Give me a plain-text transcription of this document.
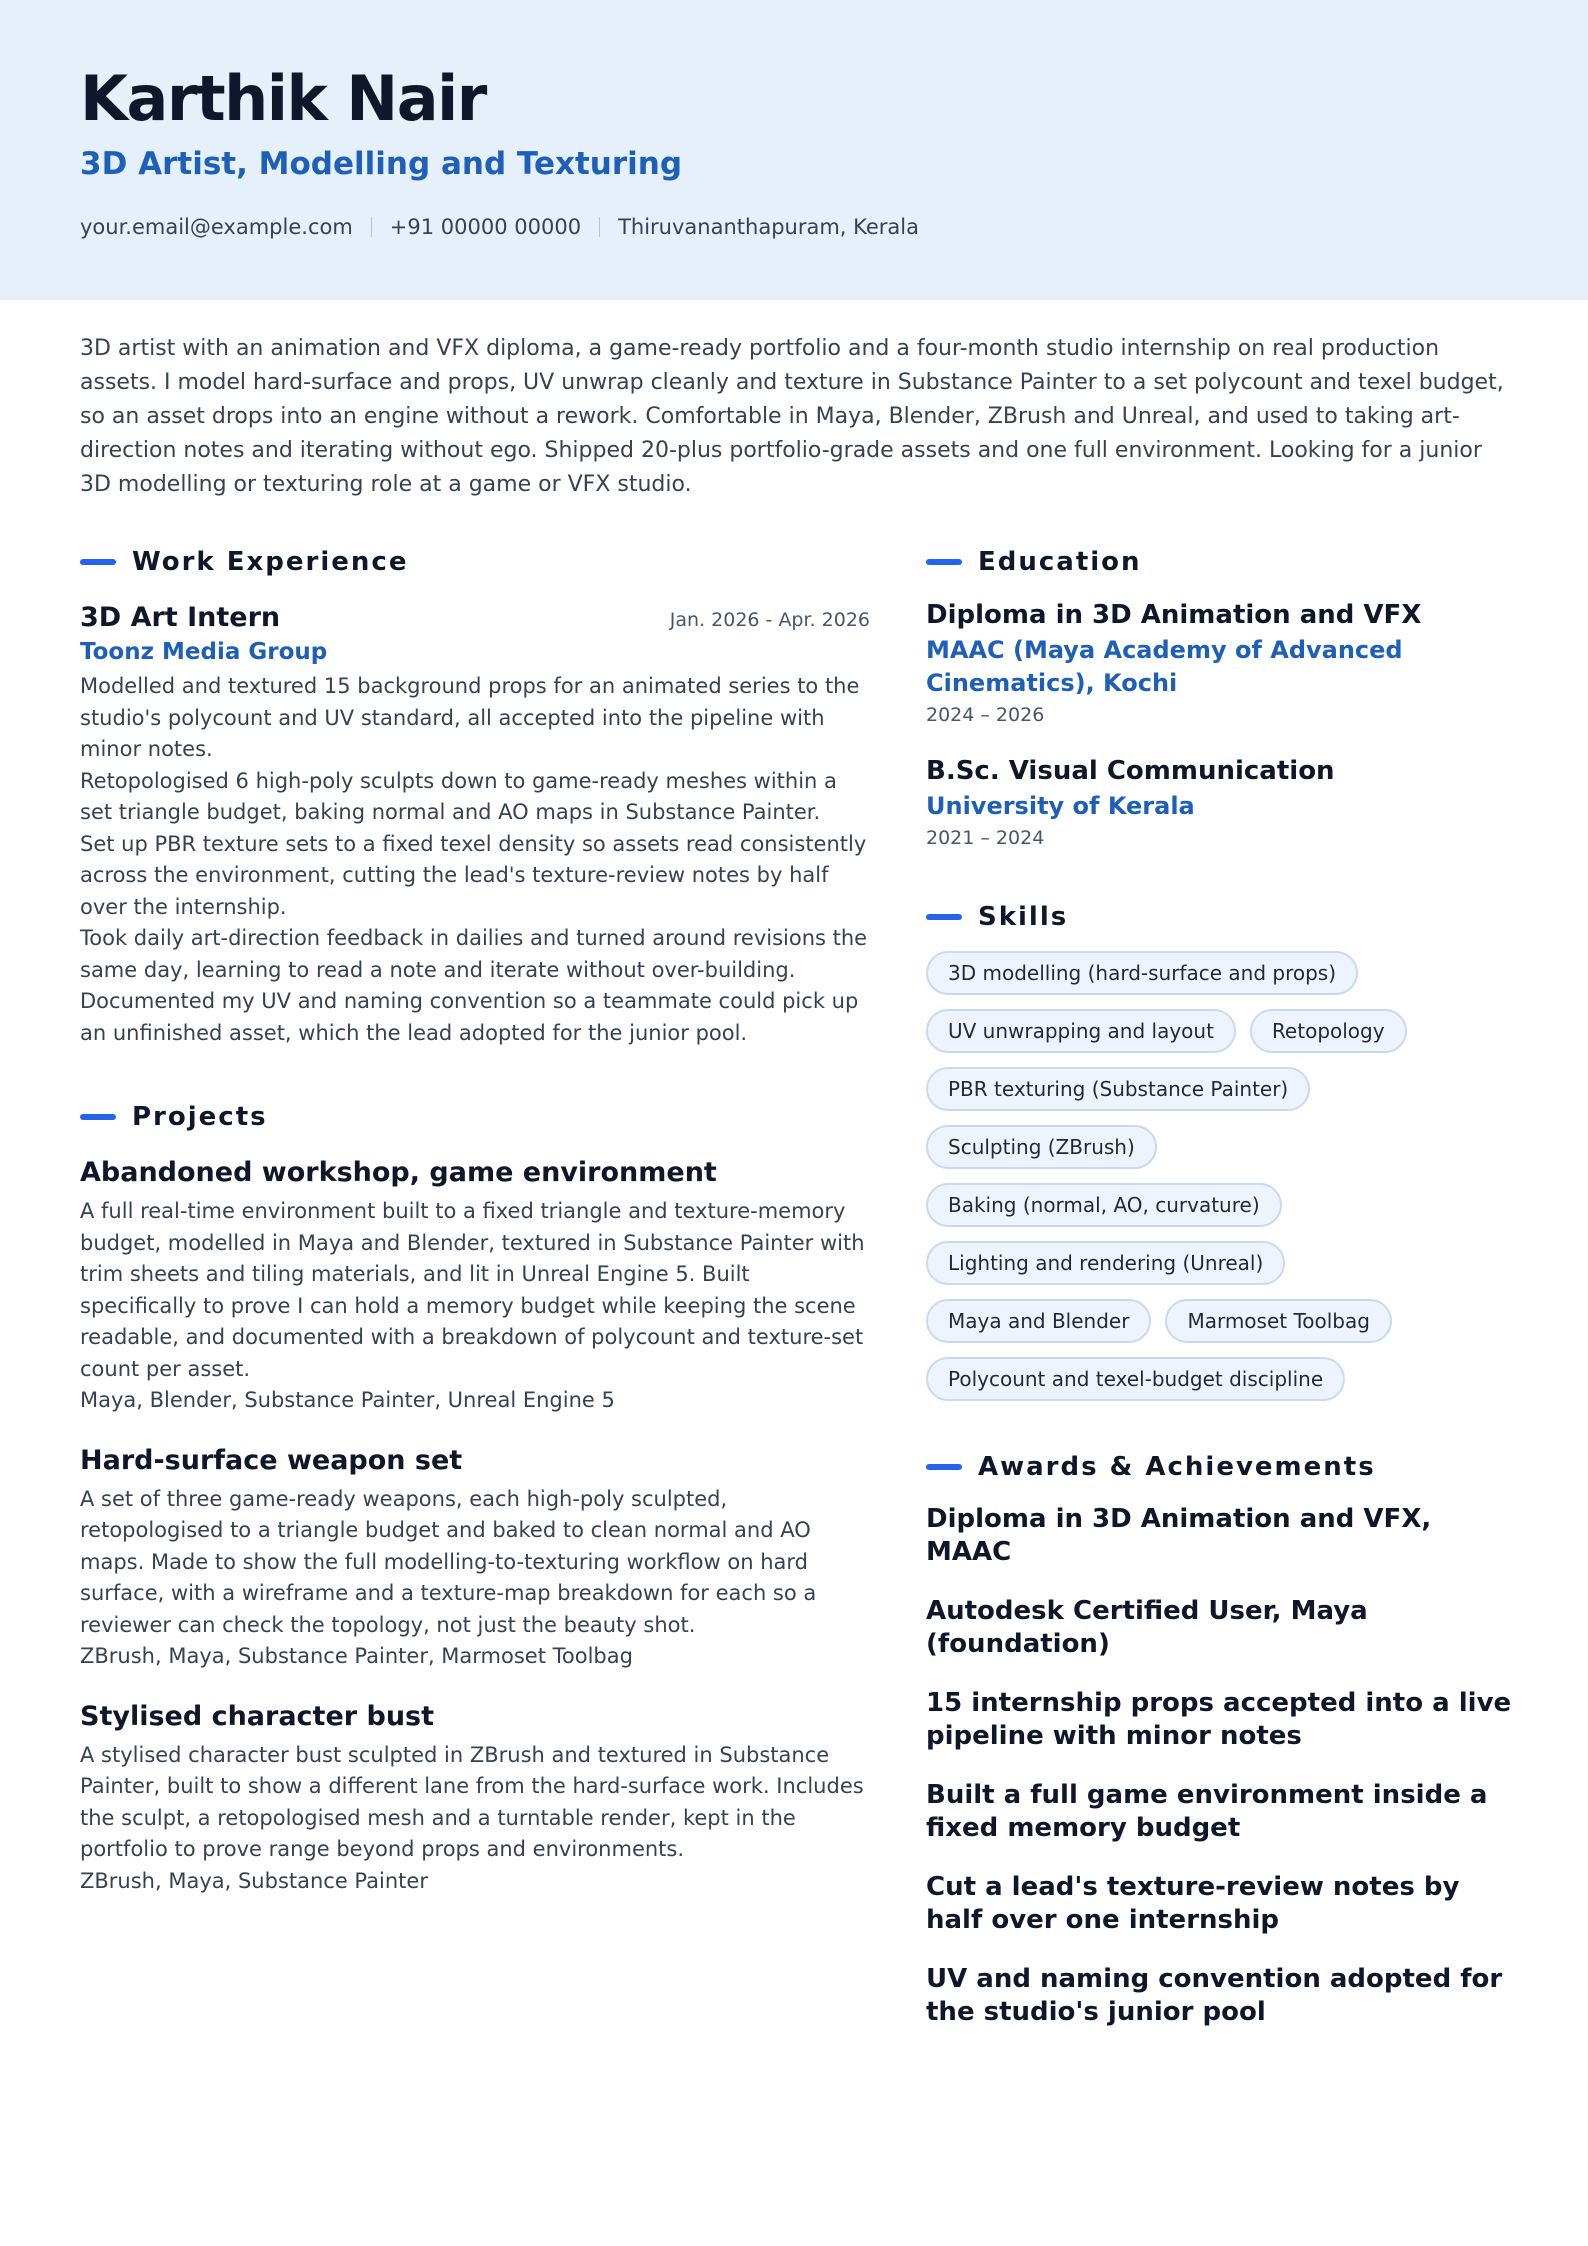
Karthik Nair
3D Artist, Modelling and Texturing
your.email@example.com +91 00000 00000 Thiruvananthapuram, Kerala
3D artist with an animation and VFX diploma, a game-ready portfolio and a four-month studio internship on real production assets. I model hard-surface and props, UV unwrap cleanly and texture in Substance Painter to a set polycount and texel budget, so an asset drops into an engine without a rework. Comfortable in Maya, Blender, ZBrush and Unreal, and used to taking art-direction notes and iterating without ego. Shipped 20-plus portfolio-grade assets and one full environment. Looking for a junior 3D modelling or texturing role at a game or VFX studio.
Work Experience
3D Art Intern	Jan. 2026 - Apr. 2026
Toonz Media Group
Modelled and textured 15 background props for an animated series to the studio's polycount and UV standard, all accepted into the pipeline with minor notes.
Retopologised 6 high-poly sculpts down to game-ready meshes within a set triangle budget, baking normal and AO maps in Substance Painter.
Set up PBR texture sets to a fixed texel density so assets read consistently across the environment, cutting the lead's texture-review notes by half over the internship.
Took daily art-direction feedback in dailies and turned around revisions the same day, learning to read a note and iterate without over-building.
Documented my UV and naming convention so a teammate could pick up an unfinished asset, which the lead adopted for the junior pool.
Projects
Abandoned workshop, game environment
A full real-time environment built to a fixed triangle and texture-memory budget, modelled in Maya and Blender, textured in Substance Painter with trim sheets and tiling materials, and lit in Unreal Engine 5. Built specifically to prove I can hold a memory budget while keeping the scene readable, and documented with a breakdown of polycount and texture-set count per asset.
Maya, Blender, Substance Painter, Unreal Engine 5
Hard-surface weapon set
A set of three game-ready weapons, each high-poly sculpted, retopologised to a triangle budget and baked to clean normal and AO maps. Made to show the full modelling-to-texturing workflow on hard surface, with a wireframe and a texture-map breakdown for each so a reviewer can check the topology, not just the beauty shot.
ZBrush, Maya, Substance Painter, Marmoset Toolbag
Stylised character bust
A stylised character bust sculpted in ZBrush and textured in Substance Painter, built to show a different lane from the hard-surface work. Includes the sculpt, a retopologised mesh and a turntable render, kept in the portfolio to prove range beyond props and environments.
ZBrush, Maya, Substance Painter
Education
Diploma in 3D Animation and VFX
MAAC (Maya Academy of Advanced
Cinematics), Kochi
2024 – 2026
B.Sc. Visual Communication
University of Kerala
2021 – 2024
Skills
3D modelling (hard-surface and props)
UV unwrapping and layout	Retopology
PBR texturing (Substance Painter)
Sculpting (ZBrush)
Baking (normal, AO, curvature)
Lighting and rendering (Unreal)
Maya and Blender	Marmoset Toolbag
Polycount and texel-budget discipline
Awards & Achievements
Diploma in 3D Animation and VFX, MAAC
Autodesk Certified User, Maya (foundation)
15 internship props accepted into a live pipeline with minor notes
Built a full game environment inside a fixed memory budget
Cut a lead's texture-review notes by half over one internship
UV and naming convention adopted for the studio's junior pool
